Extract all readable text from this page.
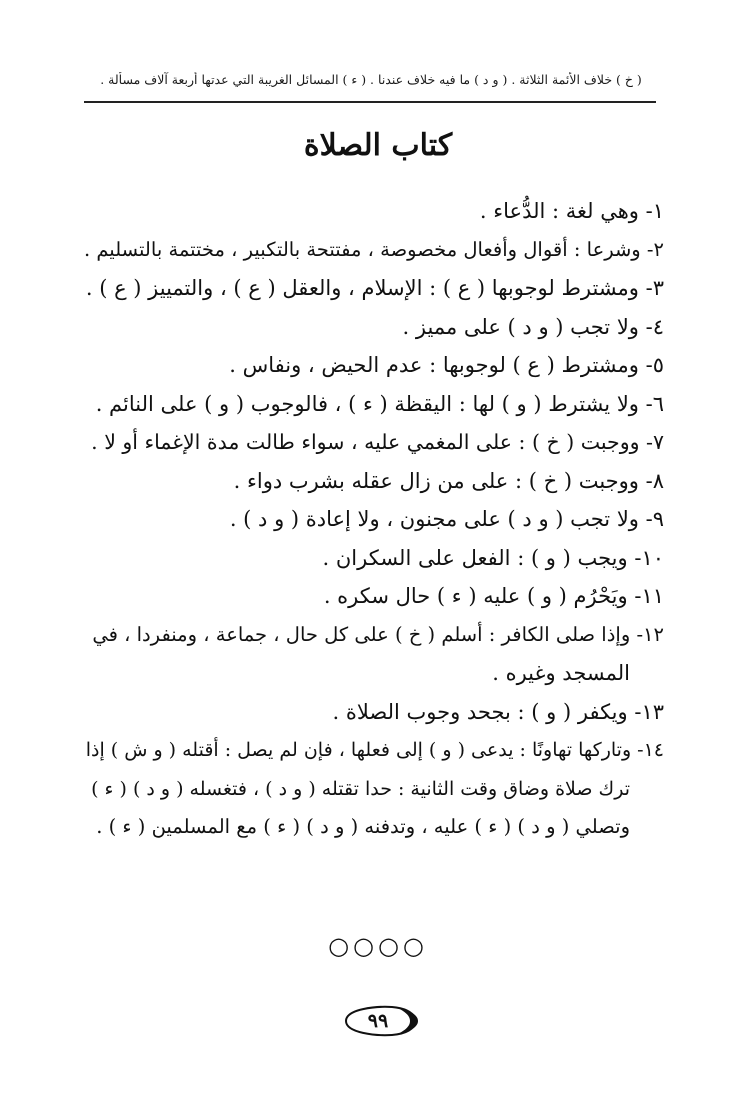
( خ ) خلاف الأئمة الثلاثة . ( و د ) ما فيه خلاف عندنا . ( ء ) المسائل الغريبة التي عدتها أربعة آلاف مسألة .
كتاب الصلاة
١- وهي لغة : الدُّعاء .
٢- وشرعا : أقوال وأفعال مخصوصة ، مفتتحة بالتكبير ، مختتمة بالتسليم .
٣- ومشترط لوجوبها ( ع ) : الإسلام ، والعقل ( ع ) ، والتمييز ( ع ) .
٤- ولا تجب ( و د ) على مميز .
٥- ومشترط ( ع ) لوجوبها : عدم الحيض ، ونفاس .
٦- ولا يشترط ( و ) لها : اليقظة ( ء ) ، فالوجوب ( و ) على النائم .
٧- ووجبت ( خ ) : على المغمي عليه ، سواء طالت مدة الإغماء أو لا .
٨- ووجبت ( خ ) : على من زال عقله بشرب دواء .
٩- ولا تجب ( و د ) على مجنون ، ولا إعادة ( و د ) .
١٠- ويجب ( و ) : الفعل على السكران .
١١- ويَحْرُم ( و ) عليه ( ء ) حال سكره .
١٢- وإذا صلى الكافر : أسلم ( خ ) على كل حال ، جماعة ، ومنفردا ، في
المسجد وغيره .
١٣- ويكفر ( و ) : بجحد وجوب الصلاة .
١٤- وتاركها تهاونًا : يدعى ( و ) إلى فعلها ، فإن لم يصل : أقتله ( و ش ) إذا
ترك صلاة وضاق وقت الثانية : حدا تقتله ( و د ) ، فتغسله ( و د ) ( ء )
وتصلي ( و د ) ( ء ) عليه ، وتدفنه ( و د ) ( ء ) مع المسلمين ( ء ) .
○○○○
٩٩
